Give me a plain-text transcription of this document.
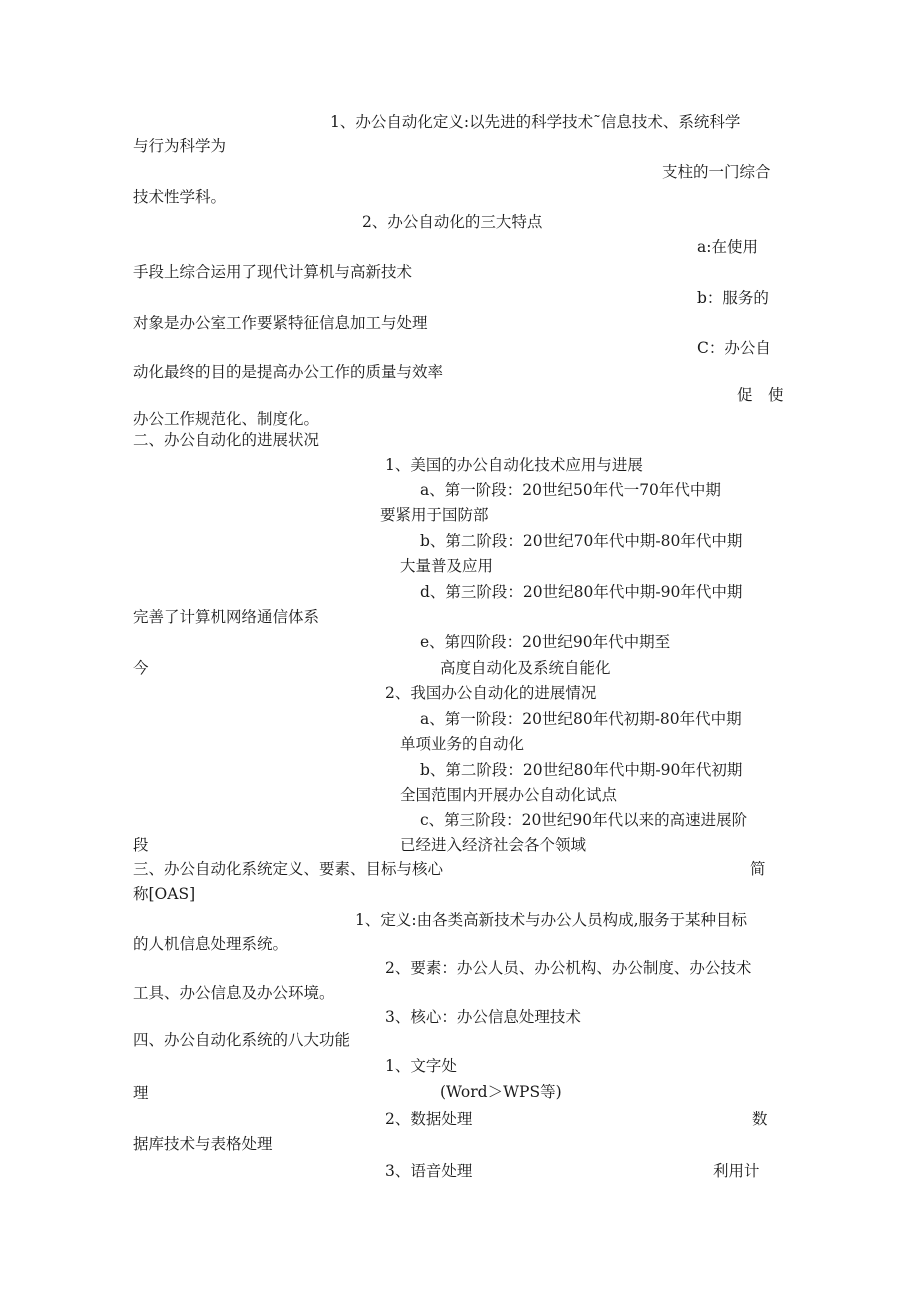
1、办公自动化定义:以先进的科学技术˜信息技术、系统科学
与行为科学为
支柱的一门综合
技术性学科。
2、办公自动化的三大特点
a:在使用
手段上综合运用了现代计算机与高新技术
b：服务的
对象是办公室工作要紧特征信息加工与处理
C：办公自
动化最终的目的是提高办公工作的质量与效率
促　使
办公工作规范化、制度化。
二、办公自动化的进展状况
1、美国的办公自动化技术应用与进展
a、第一阶段：20世纪50年代一70年代中期
要紧用于国防部
b、第二阶段：20世纪70年代中期-80年代中期
大量普及应用
d、第三阶段：20世纪80年代中期-90年代中期
完善了计算机网络通信体系
e、第四阶段：20世纪90年代中期至
今	高度自动化及系统自能化
2、我国办公自动化的进展情况
a、第一阶段：20世纪80年代初期-80年代中期
单项业务的自动化
b、第二阶段：20世纪80年代中期-90年代初期
全国范围内开展办公自动化试点
c、第三阶段：20世纪90年代以来的高速进展阶
段	已经进入经济社会各个领域
三、办公自动化系统定义、要素、目标与核心	简
称[OAS]
1、定义:由各类高新技术与办公人员构成,服务于某种目标
的人机信息处理系统。
2、要素：办公人员、办公机构、办公制度、办公技术
工具、办公信息及办公环境。
3、核心：办公信息处理技术
四、办公自动化系统的八大功能
1、文字处
理	(Word＞WPS等)
2、数据处理	数
据库技术与表格处理
3、语音处理	利用计
